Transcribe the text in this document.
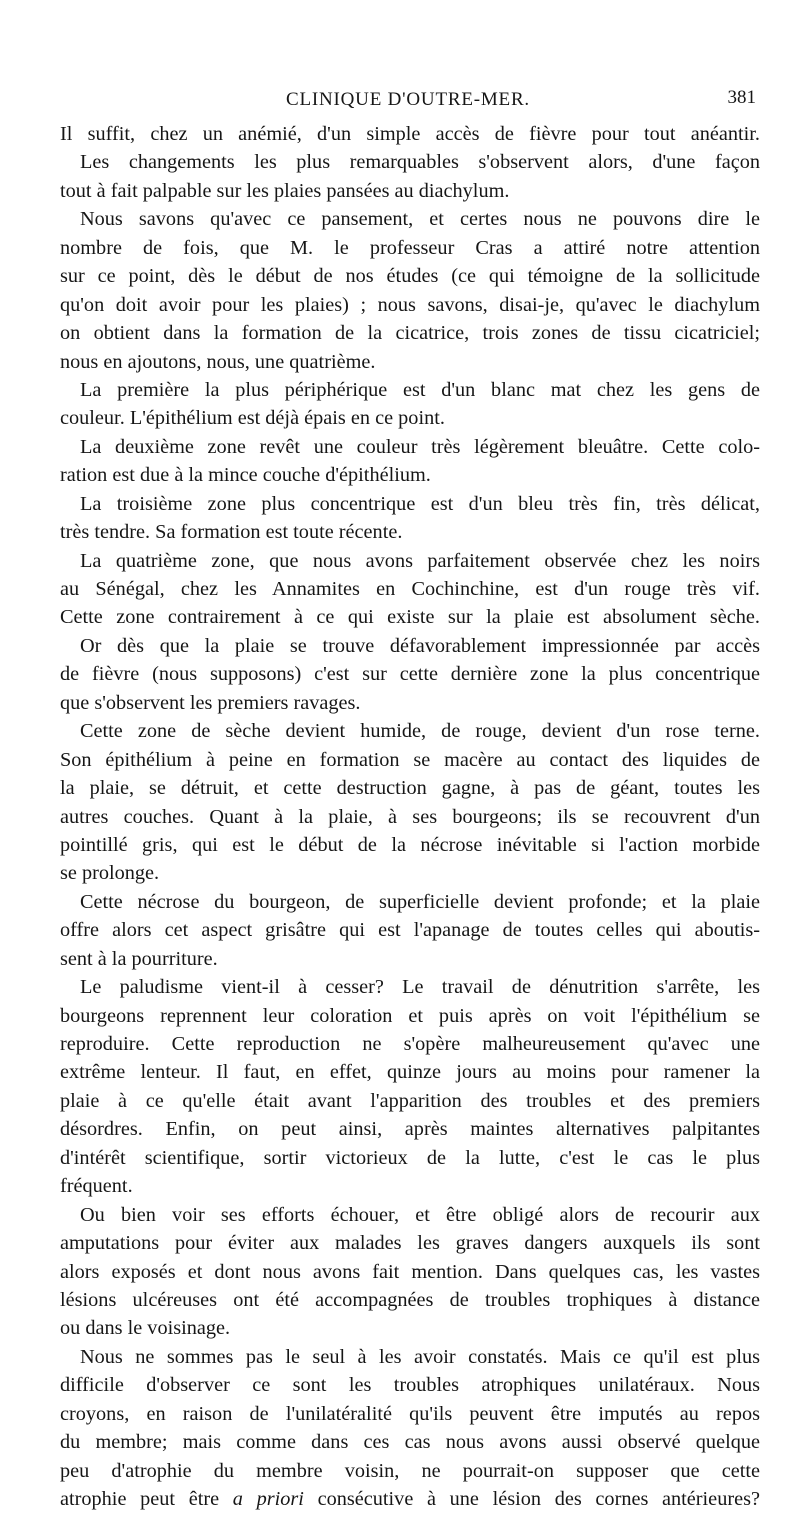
CLINIQUE D'OUTRE-MER.	381
Il suffit, chez un anémié, d'un simple accès de fièvre pour tout anéantir.
Les changements les plus remarquables s'observent alors, d'une façon
tout à fait palpable sur les plaies pansées au diachylum.
Nous savons qu'avec ce pansement, et certes nous ne pouvons dire le
nombre de fois, que M. le professeur Cras a attiré notre attention
sur ce point, dès le début de nos études (ce qui témoigne de la sollicitude
qu'on doit avoir pour les plaies) ; nous savons, disai-je, qu'avec le diachylum
on obtient dans la formation de la cicatrice, trois zones de tissu cicatriciel;
nous en ajoutons, nous, une quatrième.
La première la plus périphérique est d'un blanc mat chez les gens de
couleur. L'épithélium est déjà épais en ce point.
La deuxième zone revêt une couleur très légèrement bleuâtre. Cette colo-
ration est due à la mince couche d'épithélium.
La troisième zone plus concentrique est d'un bleu très fin, très délicat,
très tendre. Sa formation est toute récente.
La quatrième zone, que nous avons parfaitement observée chez les noirs
au Sénégal, chez les Annamites en Cochinchine, est d'un rouge très vif.
Cette zone contrairement à ce qui existe sur la plaie est absolument sèche.
Or dès que la plaie se trouve défavorablement impressionnée par accès
de fièvre (nous supposons) c'est sur cette dernière zone la plus concentrique
que s'observent les premiers ravages.
Cette zone de sèche devient humide, de rouge, devient d'un rose terne.
Son épithélium à peine en formation se macère au contact des liquides de
la plaie, se détruit, et cette destruction gagne, à pas de géant, toutes les
autres couches. Quant à la plaie, à ses bourgeons; ils se recouvrent d'un
pointillé gris, qui est le début de la nécrose inévitable si l'action morbide
se prolonge.
Cette nécrose du bourgeon, de superficielle devient profonde; et la plaie
offre alors cet aspect grisâtre qui est l'apanage de toutes celles qui aboutis-
sent à la pourriture.
Le paludisme vient-il à cesser? Le travail de dénutrition s'arrête, les
bourgeons reprennent leur coloration et puis après on voit l'épithélium se
reproduire. Cette reproduction ne s'opère malheureusement qu'avec une
extrême lenteur. Il faut, en effet, quinze jours au moins pour ramener la
plaie à ce qu'elle était avant l'apparition des troubles et des premiers
désordres. Enfin, on peut ainsi, après maintes alternatives palpitantes
d'intérêt scientifique, sortir victorieux de la lutte, c'est le cas le plus
fréquent.
Ou bien voir ses efforts échouer, et être obligé alors de recourir aux
amputations pour éviter aux malades les graves dangers auxquels ils sont
alors exposés et dont nous avons fait mention. Dans quelques cas, les vastes
lésions ulcéreuses ont été accompagnées de troubles trophiques à distance
ou dans le voisinage.
Nous ne sommes pas le seul à les avoir constatés. Mais ce qu'il est plus
difficile d'observer ce sont les troubles atrophiques unilatéraux. Nous
croyons, en raison de l'unilatéralité qu'ils peuvent être imputés au repos
du membre; mais comme dans ces cas nous avons aussi observé quelque
peu d'atrophie du membre voisin, ne pourrait-on supposer que cette
atrophie peut être a priori consécutive à une lésion des cornes antérieures?
